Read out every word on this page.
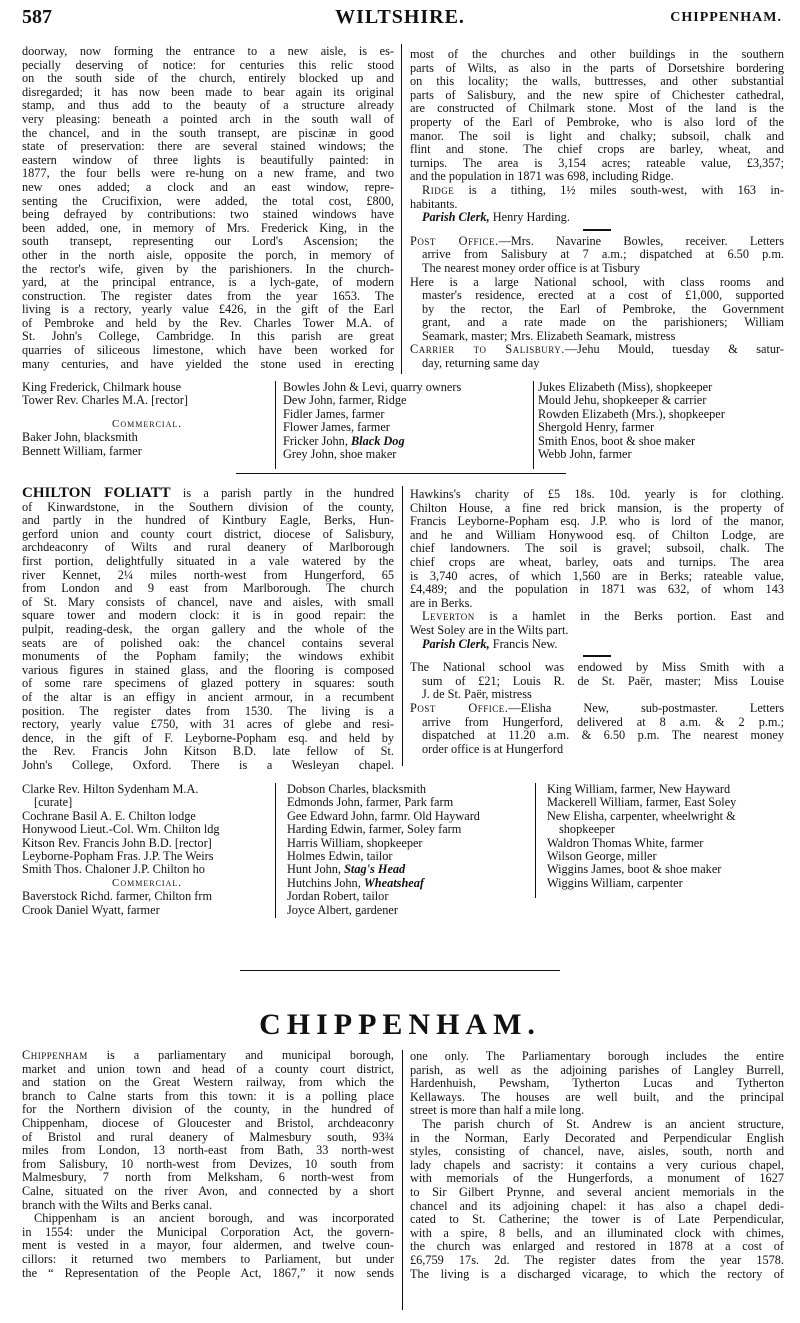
587	WILTSHIRE.	CHIPPENHAM.
doorway, now forming the entrance to a new aisle, is es-
pecially deserving of notice: for centuries this relic stood
on the south side of the church, entirely blocked up and
disregarded; it has now been made to bear again its original
stamp, and thus add to the beauty of a structure already
very pleasing: beneath a pointed arch in the south wall of
the chancel, and in the south transept, are piscinæ in good
state of preservation: there are several stained windows; the
eastern window of three lights is beautifully painted: in
1877, the four bells were re-hung on a new frame, and two
new ones added; a clock and an east window, repre-
senting the Crucifixion, were added, the total cost, £800,
being defrayed by contributions: two stained windows have
been added, one, in memory of Mrs. Frederick King, in the
south transept, representing our Lord's Ascension; the
other in the north aisle, opposite the porch, in memory of
the rector's wife, given by the parishioners. In the church-
yard, at the principal entrance, is a lych-gate, of modern
construction. The register dates from the year 1653. The
living is a rectory, yearly value £426, in the gift of the Earl
of Pembroke and held by the Rev. Charles Tower M.A. of
St. John's College, Cambridge. In this parish are great
quarries of siliceous limestone, which have been worked for
many centuries, and have yielded the stone used in erecting
most of the churches and other buildings in the southern
parts of Wilts, as also in the parts of Dorsetshire bordering
on this locality; the walls, buttresses, and other substantial
parts of Salisbury, and the new spire of Chichester cathedral,
are constructed of Chilmark stone. Most of the land is the
property of the Earl of Pembroke, who is also lord of the
manor. The soil is light and chalky; subsoil, chalk and
flint and stone. The chief crops are barley, wheat, and
turnips. The area is 3,154 acres; rateable value, £3,357;
and the population in 1871 was 698, including Ridge.
Ridge is a tithing, 1½ miles south-west, with 163 in-
habitants.
Parish Clerk, Henry Harding.
Post Office.—Mrs. Navarine Bowles, receiver. Letters
arrive from Salisbury at 7 a.m.; dispatched at 6.50 p.m.
The nearest money order office is at Tisbury
Here is a large National school, with class rooms and
master's residence, erected at a cost of £1,000, supported
by the rector, the Earl of Pembroke, the Government
grant, and a rate made on the parishioners; William
Seamark, master; Mrs. Elizabeth Seamark, mistress
Carrier to Salisbury.—Jehu Mould, tuesday & satur-
day, returning same day
King Frederick, Chilmark house
Tower Rev. Charles M.A. [rector]
Commercial.
Baker John, blacksmith
Bennett William, farmer
Bowles John & Levi, quarry owners
Dew John, farmer, Ridge
Fidler James, farmer
Flower James, farmer
Fricker John, Black Dog
Grey John, shoe maker
Jukes Elizabeth (Miss), shopkeeper
Mould Jehu, shopkeeper & carrier
Rowden Elizabeth (Mrs.), shopkeeper
Shergold Henry, farmer
Smith Enos, boot & shoe maker
Webb John, farmer
CHILTON FOLIATT is a parish partly in the hundred
of Kinwardstone, in the Southern division of the county,
and partly in the hundred of Kintbury Eagle, Berks, Hun-
gerford union and county court district, diocese of Salisbury,
archdeaconry of Wilts and rural deanery of Marlborough
first portion, delightfully situated in a vale watered by the
river Kennet, 2¼ miles north-west from Hungerford, 65
from London and 9 east from Marlborough. The church
of St. Mary consists of chancel, nave and aisles, with small
square tower and modern clock: it is in good repair: the
pulpit, reading-desk, the organ gallery and the whole of the
seats are of polished oak: the chancel contains several
monuments of the Popham family; the windows exhibit
various figures in stained glass, and the flooring is composed
of some rare specimens of glazed pottery in squares: south
of the altar is an effigy in ancient armour, in a recumbent
position. The register dates from 1530. The living is a
rectory, yearly value £750, with 31 acres of glebe and resi-
dence, in the gift of F. Leyborne-Popham esq. and held by
the Rev. Francis John Kitson B.D. late fellow of St.
John's College, Oxford. There is a Wesleyan chapel.
Hawkins's charity of £5 18s. 10d. yearly is for clothing.
Chilton House, a fine red brick mansion, is the property of
Francis Leyborne-Popham esq. J.P. who is lord of the manor,
and he and William Honywood esq. of Chilton Lodge, are
chief landowners. The soil is gravel; subsoil, chalk. The
chief crops are wheat, barley, oats and turnips. The area
is 3,740 acres, of which 1,560 are in Berks; rateable value,
£4,489; and the population in 1871 was 632, of whom 143
are in Berks.
Leverton is a hamlet in the Berks portion. East and
West Soley are in the Wilts part.
Parish Clerk, Francis New.
The National school was endowed by Miss Smith with a
sum of £21; Louis R. de St. Paër, master; Miss Louise
J. de St. Paër, mistress
Post Office.—Elisha New, sub-postmaster. Letters
arrive from Hungerford, delivered at 8 a.m. & 2 p.m.;
dispatched at 11.20 a.m. & 6.50 p.m. The nearest money
order office is at Hungerford
Clarke Rev. Hilton Sydenham M.A.
[curate]
Cochrane Basil A. E. Chilton lodge
Honywood Lieut.-Col. Wm. Chilton ldg
Kitson Rev. Francis John B.D. [rector]
Leyborne-Popham Fras. J.P. The Weirs
Smith Thos. Chaloner J.P. Chilton ho
Commercial.
Baverstock Richd. farmer, Chilton frm
Crook Daniel Wyatt, farmer
Dobson Charles, blacksmith
Edmonds John, farmer, Park farm
Gee Edward John, farmr. Old Hayward
Harding Edwin, farmer, Soley farm
Harris William, shopkeeper
Holmes Edwin, tailor
Hunt John, Stag's Head
Hutchins John, Wheatsheaf
Jordan Robert, tailor
Joyce Albert, gardener
King William, farmer, New Hayward
Mackerell William, farmer, East Soley
New Elisha, carpenter, wheelwright &
shopkeeper
Waldron Thomas White, farmer
Wilson George, miller
Wiggins James, boot & shoe maker
Wiggins William, carpenter
CHIPPENHAM.
Chippenham is a parliamentary and municipal borough,
market and union town and head of a county court district,
and station on the Great Western railway, from which the
branch to Calne starts from this town: it is a polling place
for the Northern division of the county, in the hundred of
Chippenham, diocese of Gloucester and Bristol, archdeaconry
of Bristol and rural deanery of Malmesbury south, 93¾
miles from London, 13 north-east from Bath, 33 north-west
from Salisbury, 10 north-west from Devizes, 10 south from
Malmesbury, 7 north from Melksham, 6 north-west from
Calne, situated on the river Avon, and connected by a short
branch with the Wilts and Berks canal.
Chippenham is an ancient borough, and was incorporated
in 1554: under the Municipal Corporation Act, the govern-
ment is vested in a mayor, four aldermen, and twelve coun-
cillors: it returned two members to Parliament, but under
the “ Representation of the People Act, 1867,” it now sends
one only. The Parliamentary borough includes the entire
parish, as well as the adjoining parishes of Langley Burrell,
Hardenhuish, Pewsham, Tytherton Lucas and Tytherton
Kellaways. The houses are well built, and the principal
street is more than half a mile long.
The parish church of St. Andrew is an ancient structure,
in the Norman, Early Decorated and Perpendicular English
styles, consisting of chancel, nave, aisles, south, north and
lady chapels and sacristy: it contains a very curious chapel,
with memorials of the Hungerfords, a monument of 1627
to Sir Gilbert Prynne, and several ancient memorials in the
chancel and its adjoining chapel: it has also a chapel dedi-
cated to St. Catherine; the tower is of Late Perpendicular,
with a spire, 8 bells, and an illuminated clock with chimes,
the church was enlarged and restored in 1878 at a cost of
£6,759 17s. 2d. The register dates from the year 1578.
The living is a discharged vicarage, to which the rectory of
